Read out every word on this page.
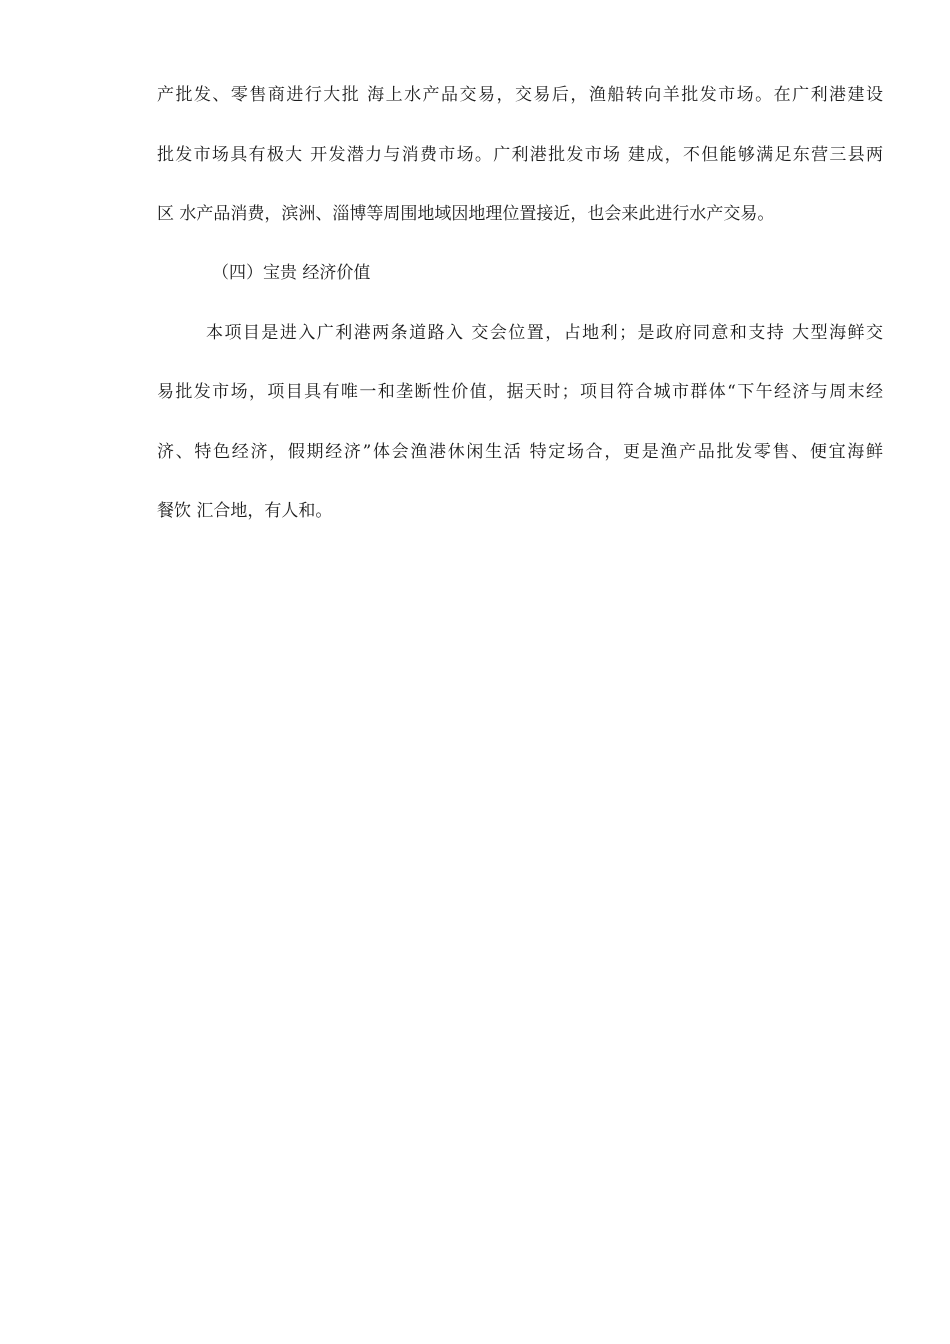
产批发、零售商进行大批 海上水产品交易，交易后，渔船转向羊批发市场。在广利港建设
批发市场具有极大 开发潜力与消费市场。广利港批发市场 建成，不但能够满足东营三县两
区 水产品消费，滨洲、淄博等周围地域因地理位置接近，也会来此进行水产交易。
（四）宝贵 经济价值
本项目是进入广利港两条道路入 交会位置，占地利；是政府同意和支持 大型海鲜交
易批发市场，项目具有唯一和垄断性价值，据天时；项目符合城市群体“下午经济与周末经
济、特色经济，假期经济”体会渔港休闲生活 特定场合，更是渔产品批发零售、便宜海鲜
餐饮 汇合地，有人和。
